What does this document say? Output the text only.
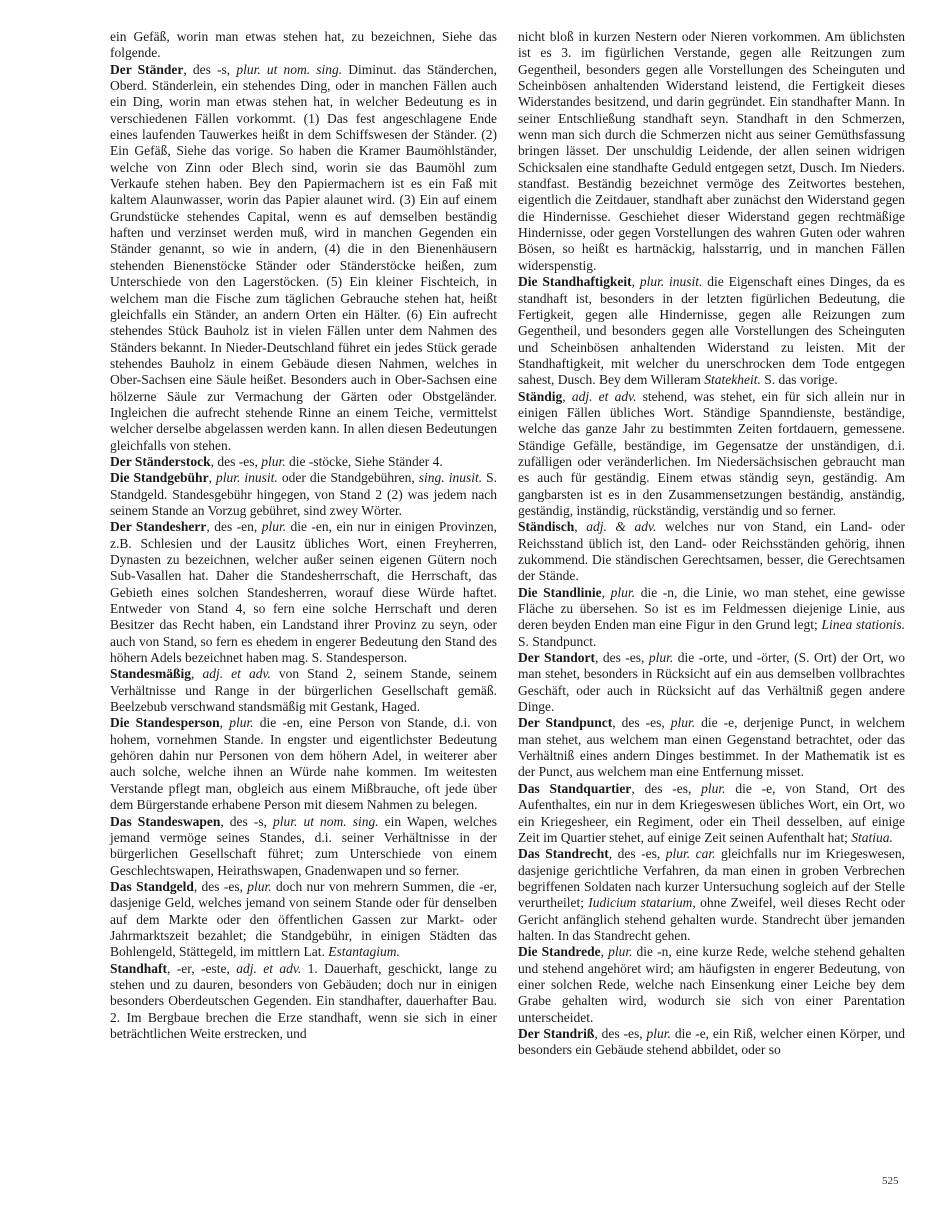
ein Gefäß, worin man etwas stehen hat, zu bezeichnen, Siehe das folgende.

Der Ständer, des -s, plur. ut nom. sing. Diminut. das Ständerchen, Oberd. Ständerlein, ein stehendes Ding, oder in manchen Fällen auch ein Ding, worin man etwas stehen hat, in welcher Bedeutung es in verschiedenen Fällen vorkommt. (1) Das fest angeschlagene Ende eines laufenden Tauwerkes heißt in dem Schiffswesen der Ständer. (2) Ein Gefäß, Siehe das vorige. So haben die Kramer Baumöhlständer, welche von Zinn oder Blech sind, worin sie das Baumöhl zum Verkaufe stehen haben. Bey den Papiermachern ist es ein Faß mit kaltem Alaunwasser, worin das Papier alaunet wird. (3) Ein auf einem Grundstücke stehendes Capital, wenn es auf demselben beständig haften und verzinset werden muß, wird in manchen Gegenden ein Ständer genannt, so wie in andern, (4) die in den Bienenhäusern stehenden Bienenstöcke Ständer oder Ständerstöcke heißen, zum Unterschiede von den Lagerstöcken. (5) Ein kleiner Fischteich, in welchem man die Fische zum täglichen Gebrauche stehen hat, heißt gleichfalls ein Ständer, an andern Orten ein Hälter. (6) Ein aufrecht stehendes Stück Bauholz ist in vielen Fällen unter dem Nahmen des Ständers bekannt. In Nieder-Deutschland führet ein jedes Stück gerade stehendes Bauholz in einem Gebäude diesen Nahmen, welches in Ober-Sachsen eine Säule heißet. Besonders auch in Ober-Sachsen eine hölzerne Säule zur Vermachung der Gärten oder Obstgeländer. Ingleichen die aufrecht stehende Rinne an einem Teiche, vermittelst welcher derselbe abgelassen werden kann. In allen diesen Bedeutungen gleichfalls von stehen.

Der Ständerstock, des -es, plur. die -stöcke, Siehe Ständer 4.

Die Standgebühr, plur. inusit. oder die Standgebühren, sing. inusit. S. Standgeld. Standesgebühr hingegen, von Stand 2 (2) was jedem nach seinem Stande an Vorzug gebühret, sind zwey Wörter.

Der Standesherr, des -en, plur. die -en, ein nur in einigen Provinzen, z.B. Schlesien und der Lausitz übliches Wort, einen Freyherren, Dynasten zu bezeichnen, welcher außer seinen eigenen Gütern noch Sub-Vasallen hat. Daher die Standesherrschaft, die Herrschaft, das Gebieth eines solchen Standesherren, worauf diese Würde haftet. Entweder von Stand 4, so fern eine solche Herrschaft und deren Besitzer das Recht haben, ein Landstand ihrer Provinz zu seyn, oder auch von Stand, so fern es ehedem in engerer Bedeutung den Stand des höhern Adels bezeichnet haben mag. S. Standesperson.

Standesmäßig, adj. et adv. von Stand 2, seinem Stande, seinem Verhältnisse und Range in der bürgerlichen Gesellschaft gemäß. Beelzebub verschwand standsmäßig mit Gestank, Haged.

Die Standesperson, plur. die -en, eine Person von Stande, d.i. von hohem, vornehmen Stande. In engster und eigentlichster Bedeutung gehören dahin nur Personen von dem höhern Adel, in weiterer aber auch solche, welche ihnen an Würde nahe kommen. Im weitesten Verstande pflegt man, obgleich aus einem Mißbrauche, oft jede über dem Bürgerstande erhabene Person mit diesem Nahmen zu belegen.

Das Standeswapen, des -s, plur. ut nom. sing. ein Wapen, welches jemand vermöge seines Standes, d.i. seiner Verhältnisse in der bürgerlichen Gesellschaft führet; zum Unterschiede von einem Geschlechtswapen, Heirathswapen, Gnadenwapen und so ferner.

Das Standgeld, des -es, plur. doch nur von mehrern Summen, die -er, dasjenige Geld, welches jemand von seinem Stande oder für denselben auf dem Markte oder den öffentlichen Gassen zur Markt- oder Jahrmarktszeit bezahlet; die Standgebühr, in einigen Städten das Bohlengeld, Stättegeld, im mittlern Lat. Estantagium.

Standhaft, -er, -este, adj. et adv. 1. Dauerhaft, geschickt, lange zu stehen und zu dauren, besonders von Gebäuden; doch nur in einigen besonders Oberdeutschen Gegenden. Ein standhafter, dauerhafter Bau. 2. Im Bergbaue brechen die Erze standhaft, wenn sie sich in einer beträchtlichen Weite erstrecken, und

nicht bloß in kurzen Nestern oder Nieren vorkommen. Am üblichsten ist es 3. im figürlichen Verstande, gegen alle Reitzungen zum Gegentheil, besonders gegen alle Vorstellungen des Scheinguten und Scheinbösen anhaltenden Widerstand leistend, die Fertigkeit dieses Widerstandes besitzend, und darin gegründet. Ein standhafter Mann. In seiner Entschließung standhaft seyn. Standhaft in den Schmerzen, wenn man sich durch die Schmerzen nicht aus seiner Gemüthsfassung bringen lässet. Der unschuldig Leidende, der allen seinen widrigen Schicksalen eine standhafte Geduld entgegen setzt, Dusch. Im Nieders. standfast. Beständig bezeichnet vermöge des Zeitwortes bestehen, eigentlich die Zeitdauer, standhaft aber zunächst den Widerstand gegen die Hindernisse. Geschiehet dieser Widerstand gegen rechtmäßige Hindernisse, oder gegen Vorstellungen des wahren Guten oder wahren Bösen, so heißt es hartnäckig, halsstarrig, und in manchen Fällen widerspenstig.

Die Standhaftigkeit, plur. inusit. die Eigenschaft eines Dinges, da es standhaft ist, besonders in der letzten figürlichen Bedeutung, die Fertigkeit, gegen alle Hindernisse, gegen alle Reizungen zum Gegentheil, und besonders gegen alle Vorstellungen des Scheinguten und Scheinbösen anhaltenden Widerstand zu leisten. Mit der Standhaftigkeit, mit welcher du unerschrocken dem Tode entgegen sahest, Dusch. Bey dem Willeram Statekheit. S. das vorige.

Ständig, adj. et adv. stehend, was stehet, ein für sich allein nur in einigen Fällen übliches Wort. Ständige Spanndienste, beständige, welche das ganze Jahr zu bestimmten Zeiten fortdauern, gemessene. Ständige Gefälle, beständige, im Gegensatze der unständigen, d.i. zufälligen oder veränderlichen. Im Niedersächsischen gebraucht man es auch für geständig. Einem etwas ständig seyn, geständig. Am gangbarsten ist es in den Zusammensetzungen beständig, anständig, geständig, inständig, rückständig, verständig und so ferner.

Ständisch, adj. & adv. welches nur von Stand, ein Land- oder Reichsstand üblich ist, den Land- oder Reichsständen gehörig, ihnen zukommend. Die ständischen Gerechtsamen, besser, die Gerechtsamen der Stände.

Die Standlinie, plur. die -n, die Linie, wo man stehet, eine gewisse Fläche zu übersehen. So ist es im Feldmessen diejenige Linie, aus deren beyden Enden man eine Figur in den Grund legt; Linea stationis. S. Standpunct.

Der Standort, des -es, plur. die -orte, und -örter, (S. Ort) der Ort, wo man stehet, besonders in Rücksicht auf ein aus demselben vollbrachtes Geschäft, oder auch in Rücksicht auf das Verhältniß gegen andere Dinge.

Der Standpunct, des -es, plur. die -e, derjenige Punct, in welchem man stehet, aus welchem man einen Gegenstand betrachtet, oder das Verhältniß eines andern Dinges bestimmet. In der Mathematik ist es der Punct, aus welchem man eine Entfernung misset.

Das Standquartier, des -es, plur. die -e, von Stand, Ort des Aufenthaltes, ein nur in dem Kriegeswesen übliches Wort, ein Ort, wo ein Kriegesheer, ein Regiment, oder ein Theil desselben, auf einige Zeit im Quartier stehet, auf einige Zeit seinen Aufenthalt hat; Statiua.

Das Standrecht, des -es, plur. car. gleichfalls nur im Kriegeswesen, dasjenige gerichtliche Verfahren, da man einen in groben Verbrechen begriffenen Soldaten nach kurzer Untersuchung sogleich auf der Stelle verurtheilet; Iudicium statarium, ohne Zweifel, weil dieses Recht oder Gericht anfänglich stehend gehalten wurde. Standrecht über jemanden halten. In das Standrecht gehen.

Die Standrede, plur. die -n, eine kurze Rede, welche stehend gehalten und stehend angehöret wird; am häufigsten in engerer Bedeutung, von einer solchen Rede, welche nach Einsenkung einer Leiche bey dem Grabe gehalten wird, wodurch sie sich von einer Parentation unterscheidet.

Der Standriß, des -es, plur. die -e, ein Riß, welcher einen Körper, und besonders ein Gebäude stehend abbildet, oder so

525
